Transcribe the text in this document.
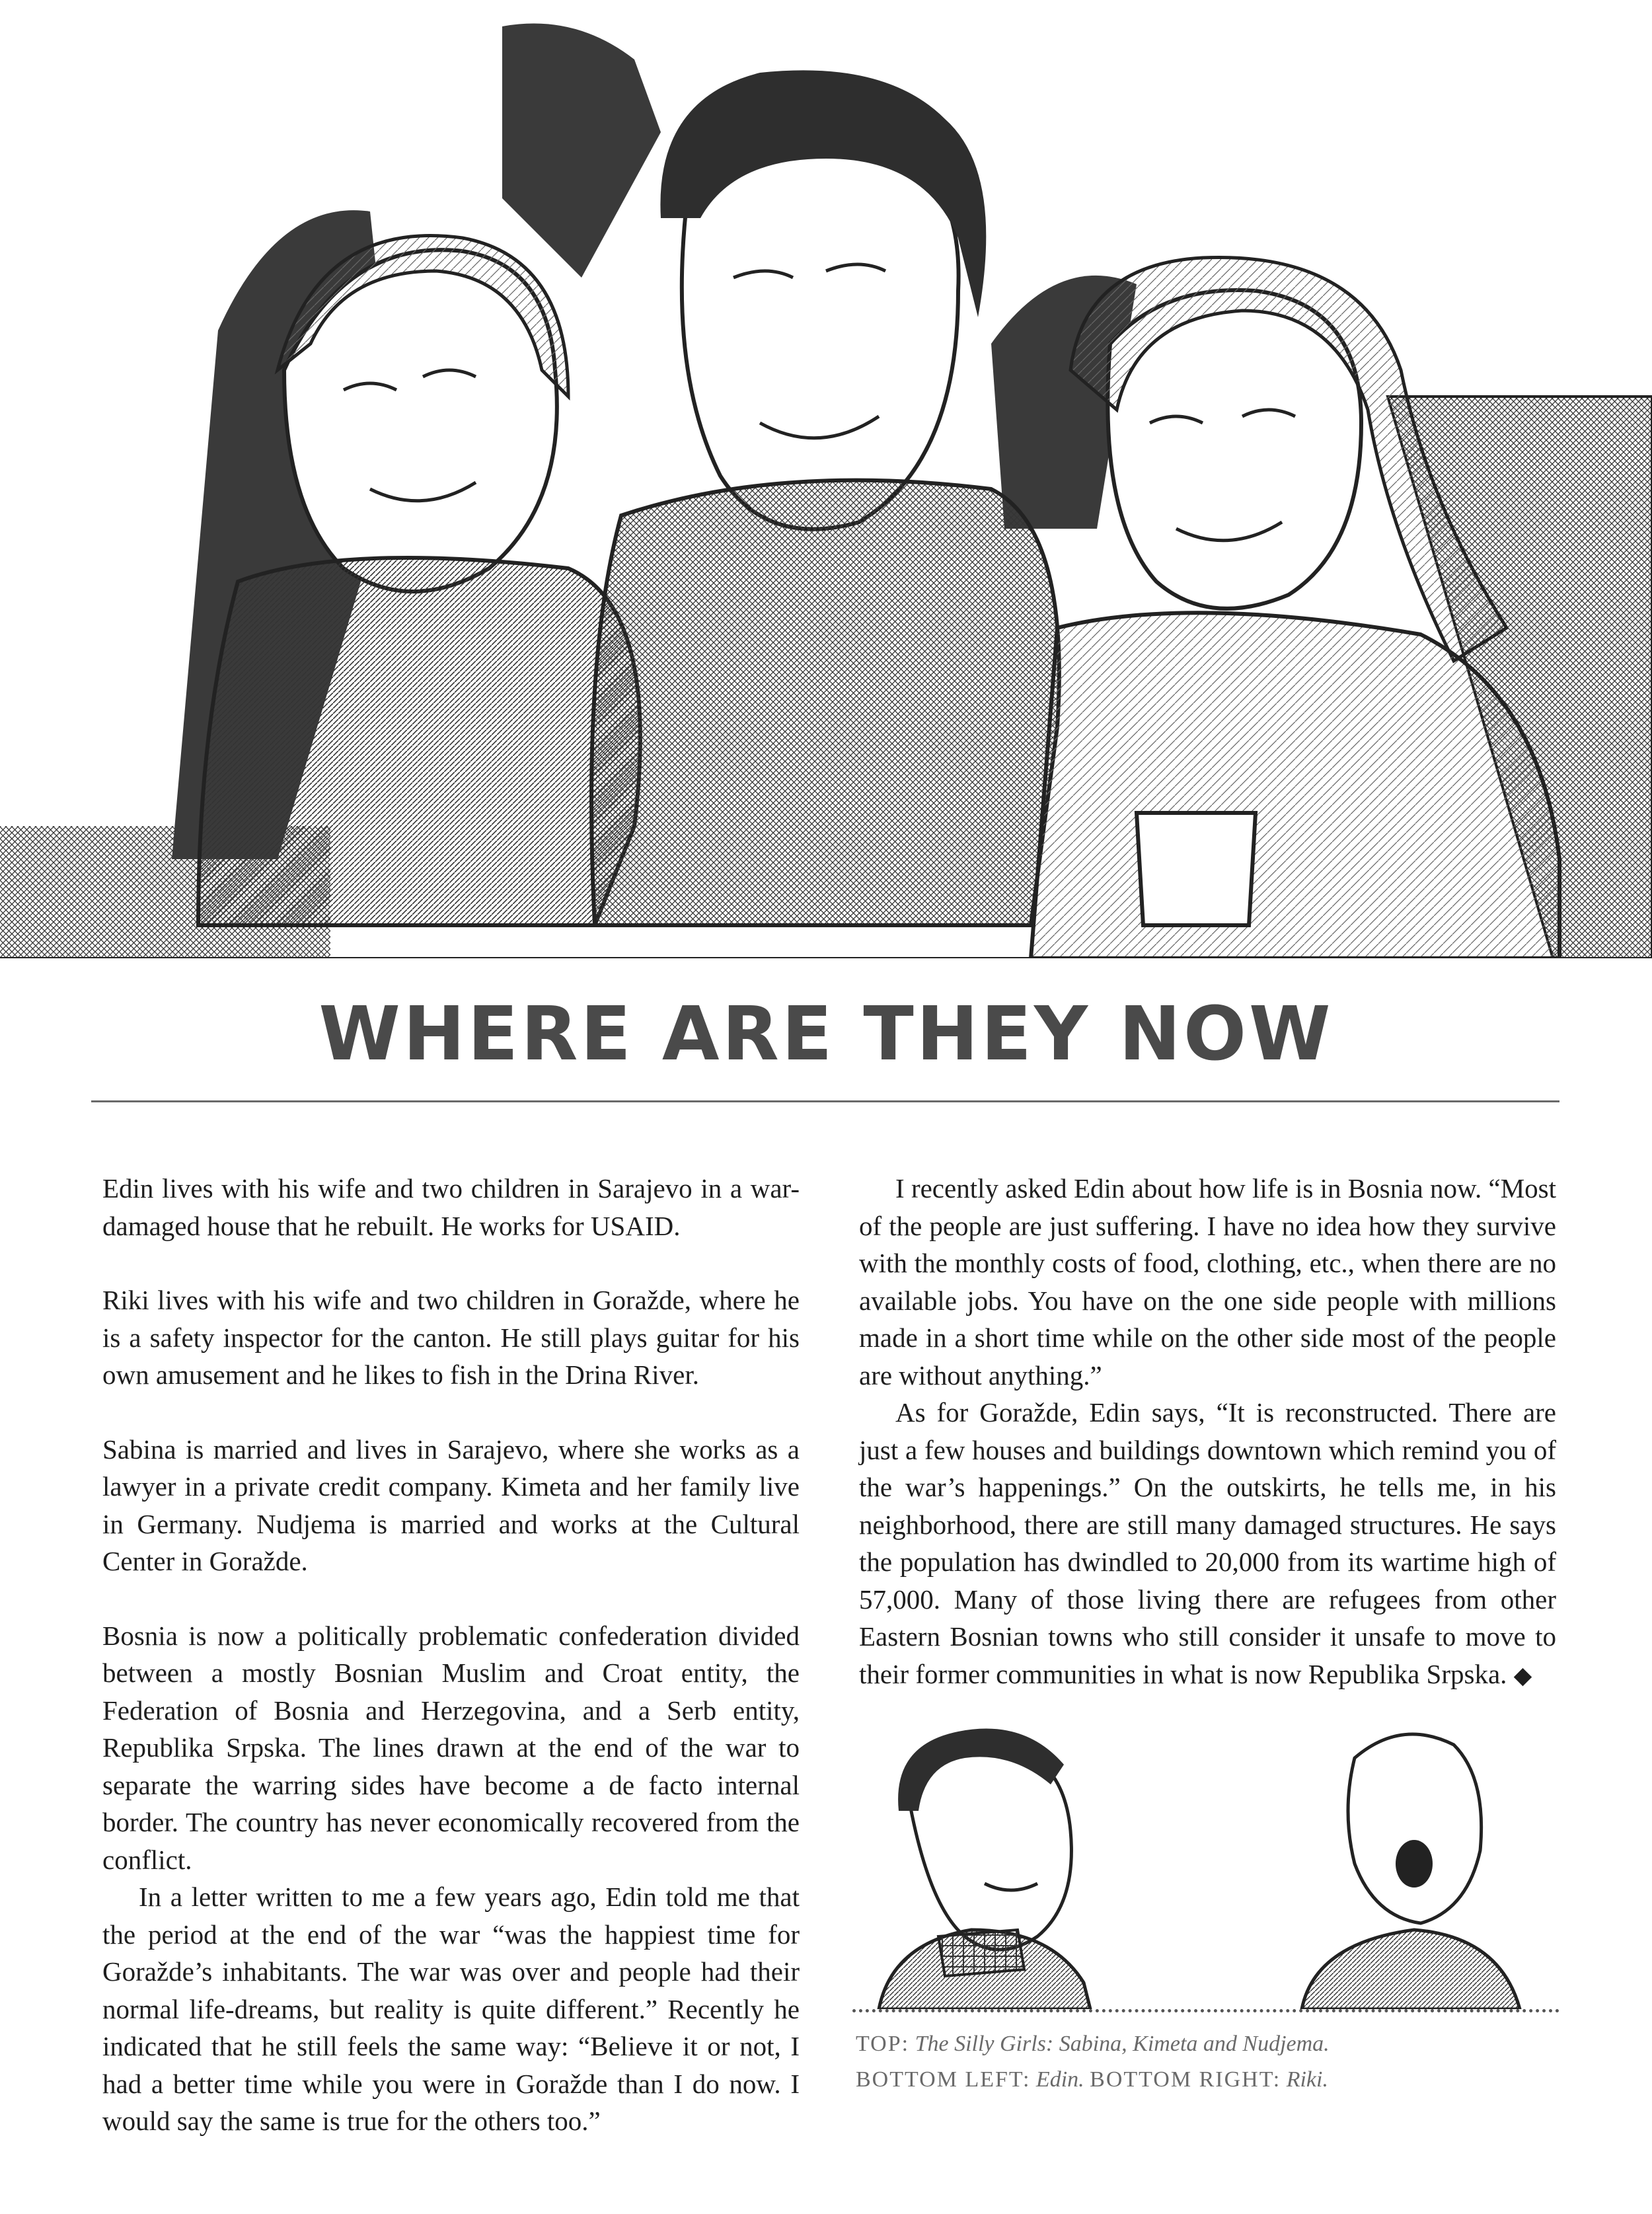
WHERE ARE THEY NOW

Edin lives with his wife and two children in Sarajevo in a war-damaged house that he rebuilt. He works for USAID.

Riki lives with his wife and two children in Goražde, where he is a safety inspector for the canton. He still plays guitar for his own amusement and he likes to fish in the Drina River.

Sabina is married and lives in Sarajevo, where she works as a lawyer in a private credit company. Kimeta and her family live in Germany. Nudjema is married and works at the Cultural Center in Goražde.

Bosnia is now a politically problematic confederation divided between a mostly Bosnian Muslim and Croat entity, the Federation of Bosnia and Herzegovina, and a Serb entity, Republika Srpska. The lines drawn at the end of the war to separate the warring sides have become a de facto internal border. The country has never economically recovered from the conflict.

In a letter written to me a few years ago, Edin told me that the period at the end of the war “was the happiest time for Goražde’s inhabitants. The war was over and people had their normal life-dreams, but reality is quite different.” Recently he indicated that he still feels the same way: “Believe it or not, I had a better time while you were in Goražde than I do now. I would say the same is true for the others too.”

I recently asked Edin about how life is in Bosnia now. “Most of the people are just suffering. I have no idea how they survive with the monthly costs of food, clothing, etc., when there are no available jobs. You have on the one side people with millions made in a short time while on the other side most of the people are without anything.”

As for Goražde, Edin says, “It is reconstructed. There are just a few houses and buildings downtown which remind you of the war’s happenings.” On the outskirts, he tells me, in his neighborhood, there are still many damaged structures. He says the population has dwindled to 20,000 from its wartime high of 57,000. Many of those living there are refugees from other Eastern Bosnian towns who still consider it unsafe to move to their former communities in what is now Republika Srpska. ◆

TOP: The Silly Girls: Sabina, Kimeta and Nudjema.
BOTTOM LEFT: Edin. BOTTOM RIGHT: Riki.
